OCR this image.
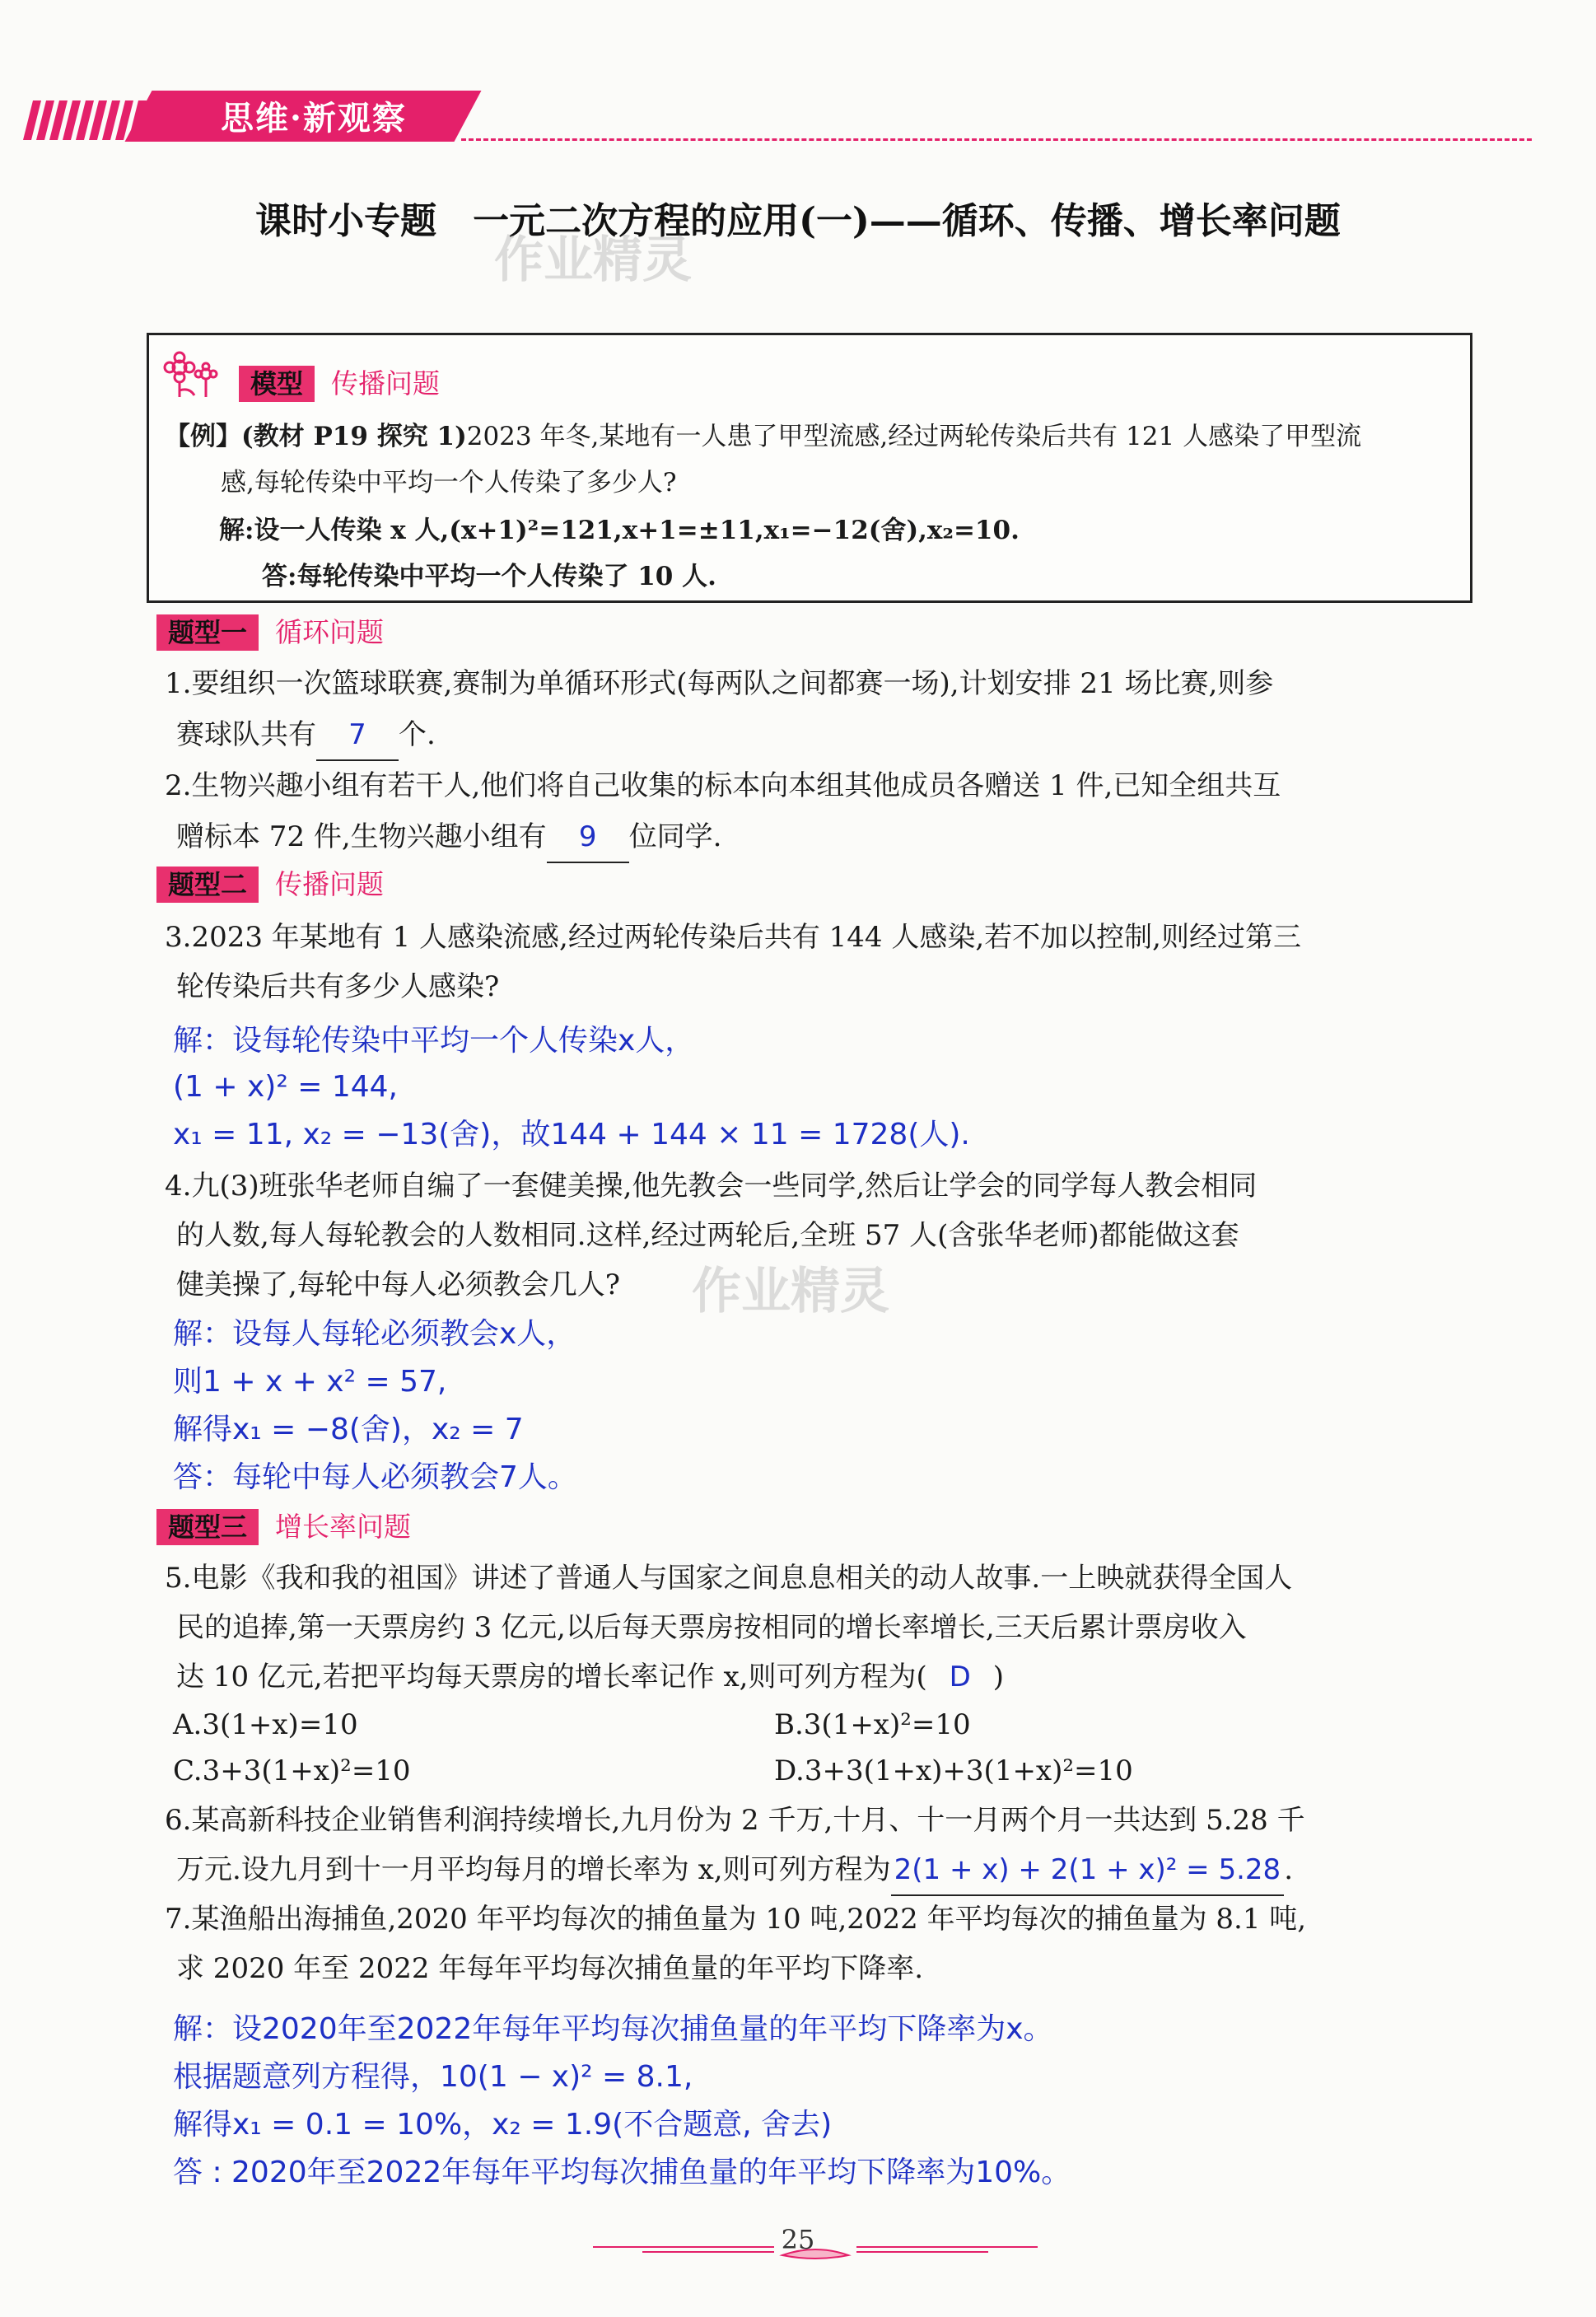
思维·新观察
课时小专题　一元二次方程的应用(一)——循环、传播、增长率问题
作业精灵
模型 传播问题
【例】(教材 P19 探究 1)2023 年冬,某地有一人患了甲型流感,经过两轮传染后共有 121 人感染了甲型流
感,每轮传染中平均一个人传染了多少人?
解:设一人传染 x 人,(x+1)²=121,x+1=±11,x₁=−12(舍),x₂=10.
答:每轮传染中平均一个人传染了 10 人.
题型一 循环问题
1.要组织一次篮球联赛,赛制为单循环形式(每两队之间都赛一场),计划安排 21 场比赛,则参
赛球队共有 7 个.
2.生物兴趣小组有若干人,他们将自己收集的标本向本组其他成员各赠送 1 件,已知全组共互
赠标本 72 件,生物兴趣小组有 9 位同学.
题型二 传播问题
3.2023 年某地有 1 人感染流感,经过两轮传染后共有 144 人感染,若不加以控制,则经过第三
轮传染后共有多少人感染?
解：设每轮传染中平均一个人传染x人，
(1 + x)² = 144,
x₁ = 11, x₂ = −13(舍)，故144 + 144 × 11 = 1728(人).
4.九(3)班张华老师自编了一套健美操,他先教会一些同学,然后让学会的同学每人教会相同
的人数,每人每轮教会的人数相同.这样,经过两轮后,全班 57 人(含张华老师)都能做这套
健美操了,每轮中每人必须教会几人? 作业精灵
解：设每人每轮必须教会x人，
则1 + x + x² = 57,
解得x₁ = −8(舍)，x₂ = 7
答：每轮中每人必须教会7人。
题型三 增长率问题
5.电影《我和我的祖国》讲述了普通人与国家之间息息相关的动人故事.一上映就获得全国人
民的追捧,第一天票房约 3 亿元,以后每天票房按相同的增长率增长,三天后累计票房收入
达 10 亿元,若把平均每天票房的增长率记作 x,则可列方程为( D )
A.3(1+x)=10	B.3(1+x)²=10
C.3+3(1+x)²=10	D.3+3(1+x)+3(1+x)²=10
6.某高新科技企业销售利润持续增长,九月份为 2 千万,十月、十一月两个月一共达到 5.28 千
万元.设九月到十一月平均每月的增长率为 x,则可列方程为 2(1 + x) + 2(1 + x)² = 5.28 .
7.某渔船出海捕鱼,2020 年平均每次的捕鱼量为 10 吨,2022 年平均每次的捕鱼量为 8.1 吨,
求 2020 年至 2022 年每年平均每次捕鱼量的年平均下降率.
解：设2020年至2022年每年平均每次捕鱼量的年平均下降率为x。
根据题意列方程得，10(1 − x)² = 8.1,
解得x₁ = 0.1 = 10%，x₂ = 1.9(不合题意, 舍去)
答 : 2020年至2022年每年平均每次捕鱼量的年平均下降率为10%。
25
